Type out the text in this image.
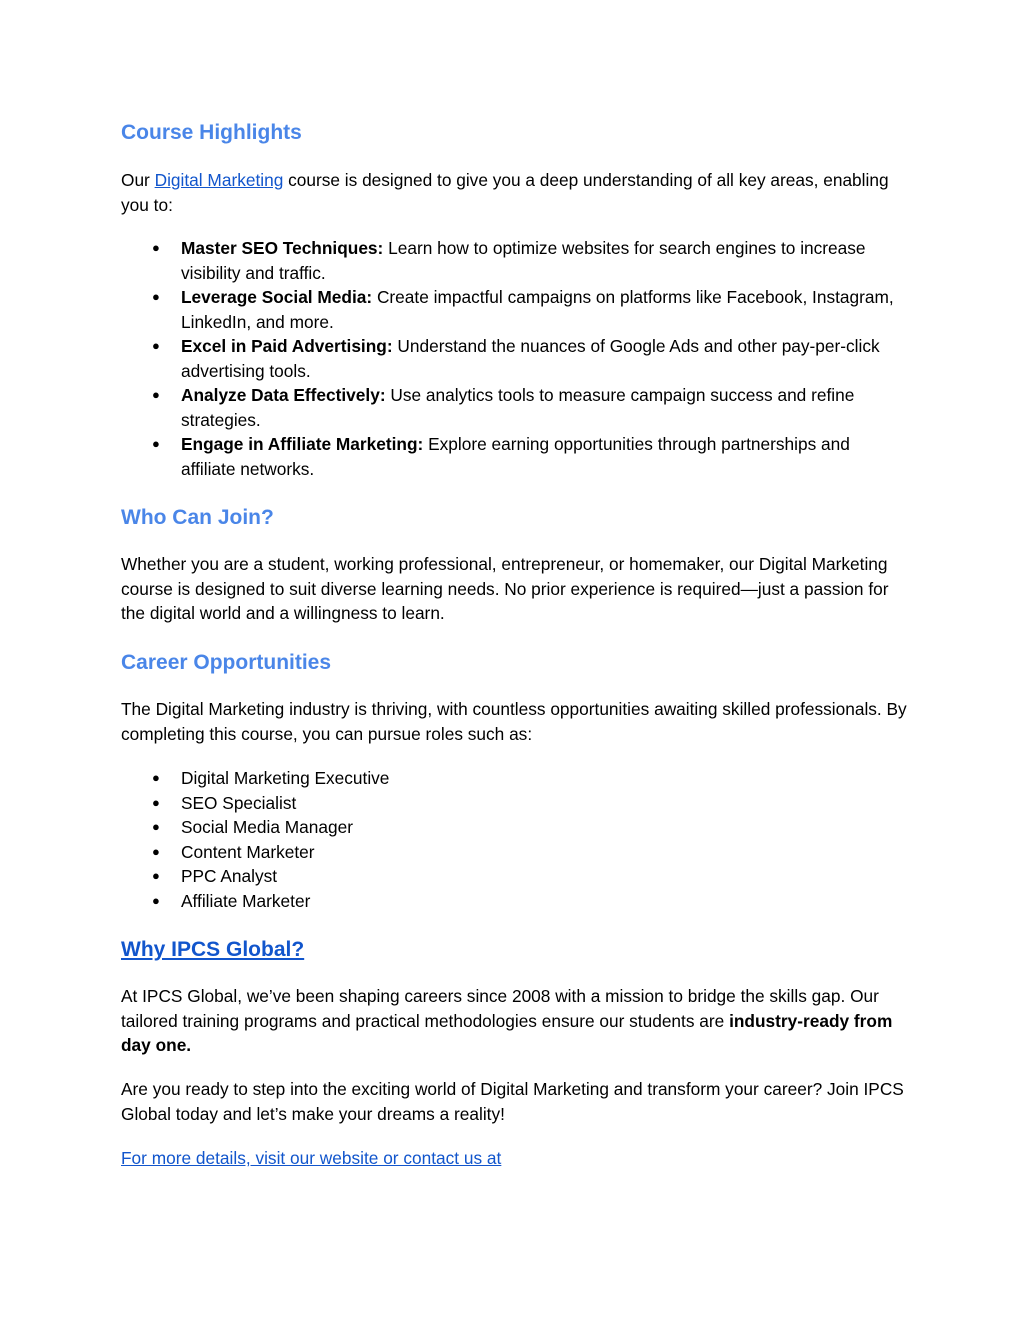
Course Highlights

Our Digital Marketing course is designed to give you a deep understanding of all key areas, enabling you to:

● Master SEO Techniques: Learn how to optimize websites for search engines to increase visibility and traffic.
● Leverage Social Media: Create impactful campaigns on platforms like Facebook, Instagram, LinkedIn, and more.
● Excel in Paid Advertising: Understand the nuances of Google Ads and other pay-per-click advertising tools.
● Analyze Data Effectively: Use analytics tools to measure campaign success and refine strategies.
● Engage in Affiliate Marketing: Explore earning opportunities through partnerships and affiliate networks.
Who Can Join?

Whether you are a student, working professional, entrepreneur, or homemaker, our Digital Marketing course is designed to suit diverse learning needs. No prior experience is required—just a passion for the digital world and a willingness to learn.

Career Opportunities

The Digital Marketing industry is thriving, with countless opportunities awaiting skilled professionals. By completing this course, you can pursue roles such as:

● Digital Marketing Executive
● SEO Specialist
● Social Media Manager
● Content Marketer
● PPC Analyst
● Affiliate Marketer
Why IPCS Global?

At IPCS Global, we’ve been shaping careers since 2008 with a mission to bridge the skills gap. Our tailored training programs and practical methodologies ensure our students are industry-ready from day one.

Are you ready to step into the exciting world of Digital Marketing and transform your career? Join IPCS Global today and let’s make your dreams a reality!

For more details, visit our website or contact us at
